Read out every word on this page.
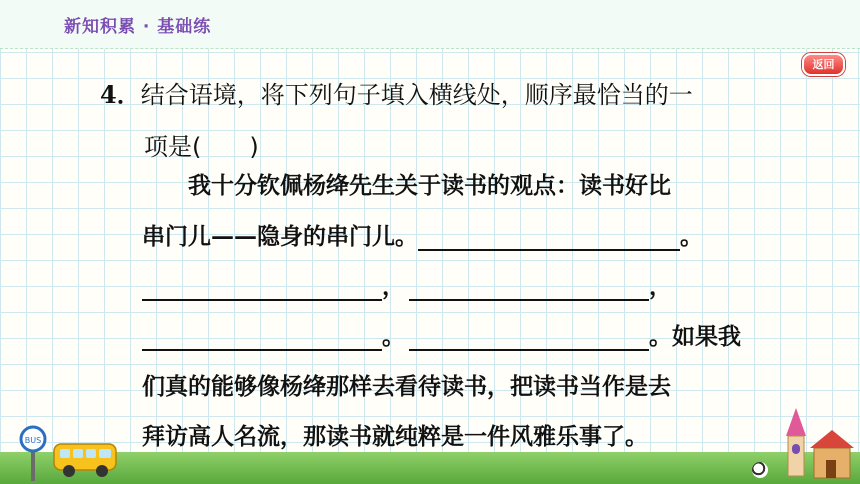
新知积累 · 基础练
返回
4．结合语境，将下列句子填入横线处，顺序最恰当的一
项是(　　)
我十分钦佩杨绛先生关于读书的观点：读书好比
串门儿——隐身的串门儿。	。
，	，
。	。如果我
们真的能够像杨绛那样去看待读书，把读书当作是去
拜访高人名流，那读书就纯粹是一件风雅乐事了。
BUS
